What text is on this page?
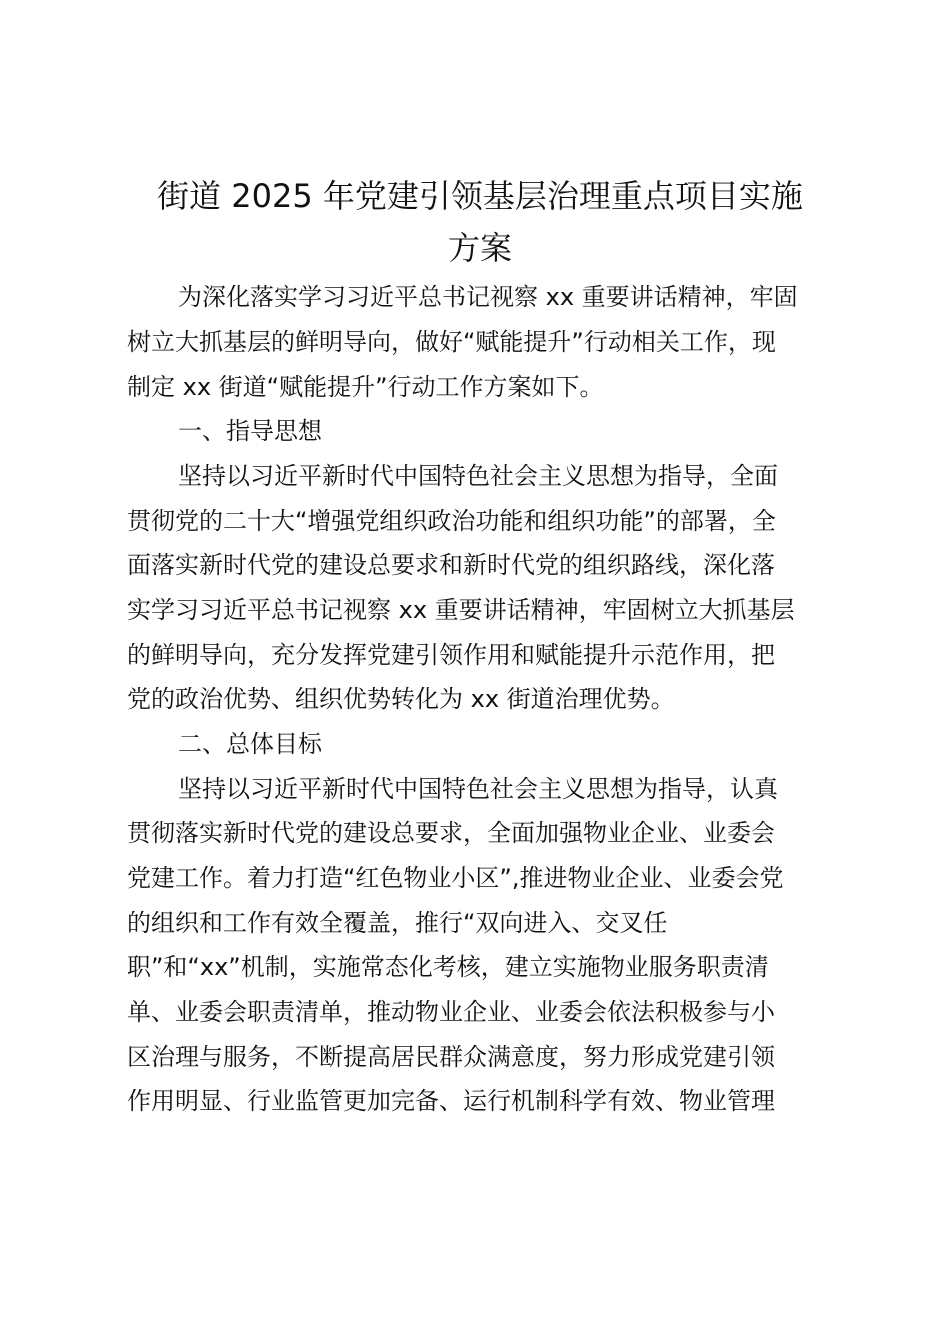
街道 2025 年党建引领基层治理重点项目实施
方案
为深化落实学习习近平总书记视察 xx 重要讲话精神，牢固
树立大抓基层的鲜明导向，做好“赋能提升”行动相关工作，现
制定 xx 街道“赋能提升”行动工作方案如下。
一、指导思想
坚持以习近平新时代中国特色社会主义思想为指导，全面
贯彻党的二十大“增强党组织政治功能和组织功能”的部署，全
面落实新时代党的建设总要求和新时代党的组织路线，深化落
实学习习近平总书记视察 xx 重要讲话精神，牢固树立大抓基层
的鲜明导向，充分发挥党建引领作用和赋能提升示范作用，把
党的政治优势、组织优势转化为 xx 街道治理优势。
二、总体目标
坚持以习近平新时代中国特色社会主义思想为指导，认真
贯彻落实新时代党的建设总要求，全面加强物业企业、业委会
党建工作。着力打造“红色物业小区”,推进物业企业、业委会党
的组织和工作有效全覆盖，推行“双向进入、交叉任
职”和“xx”机制，实施常态化考核，建立实施物业服务职责清
单、业委会职责清单，推动物业企业、业委会依法积极参与小
区治理与服务，不断提高居民群众满意度，努力形成党建引领
作用明显、行业监管更加完备、运行机制科学有效、物业管理
